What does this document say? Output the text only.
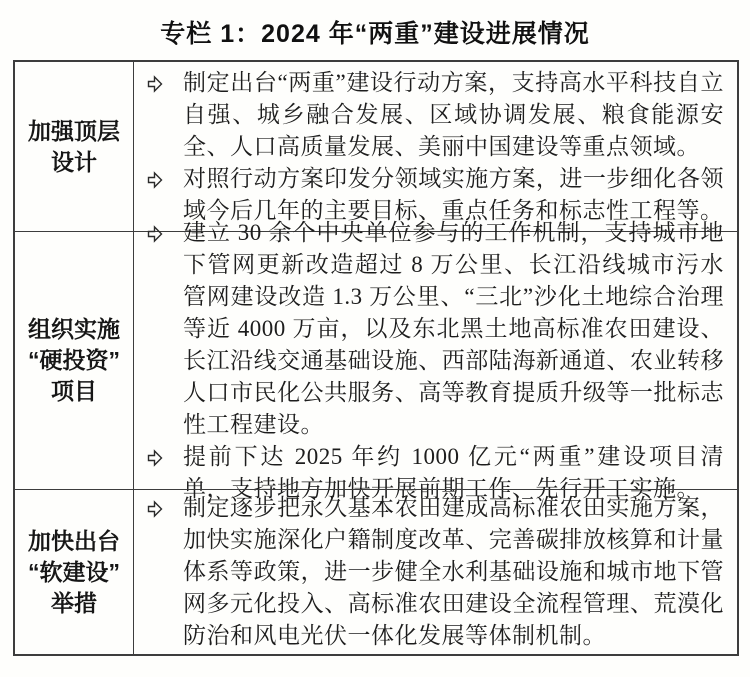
专栏 1：2024 年“两重”建设进展情况
加强顶层
设计
制定出台“两重”建设行动方案，支持高水平科技自立自强、城乡融合发展、区域协调发展、粮食能源安全、人口高质量发展、美丽中国建设等重点领域。
对照行动方案印发分领域实施方案，进一步细化各领域今后几年的主要目标、重点任务和标志性工程等。
组织实施
“硬投资”
项目
建立 30 余个中央单位参与的工作机制，支持城市地下管网更新改造超过 8 万公里、长江沿线城市污水管网建设改造 1.3 万公里、“三北”沙化土地综合治理等近 4000 万亩，以及东北黑土地高标准农田建设、长江沿线交通基础设施、西部陆海新通道、农业转移人口市民化公共服务、高等教育提质升级等一批标志性工程建设。
提前下达 2025 年约 1000 亿元“两重”建设项目清单，支持地方加快开展前期工作、先行开工实施。
加快出台
“软建设”
举措
制定逐步把永久基本农田建成高标准农田实施方案，加快实施深化户籍制度改革、完善碳排放核算和计量体系等政策，进一步健全水利基础设施和城市地下管网多元化投入、高标准农田建设全流程管理、荒漠化防治和风电光伏一体化发展等体制机制。
